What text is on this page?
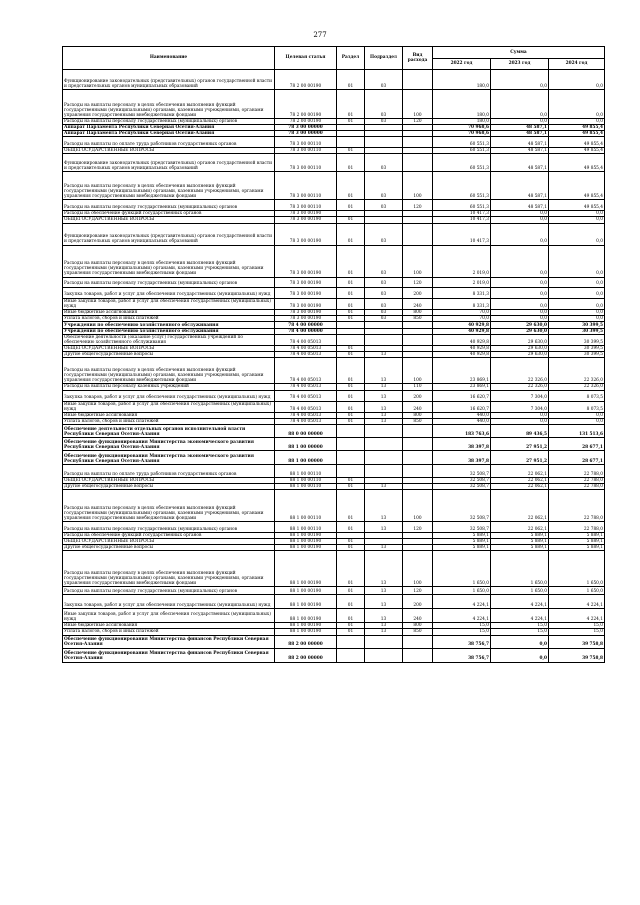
277
Наименование	Целевая статья	Раздел	Подраздел	Вид расхода	Сумма		
					2022 год	2023 год	2024 год
Функционирование законодательных (представительных) органов государственной власти и представительных органов муниципальных образований	78 2 00 00190	01	03		180,0	0,0	0,0
Расходы на выплаты персоналу в целях обеспечения выполнения функций государственными (муниципальными) органами, казенными учреждениями, органами управления государственными внебюджетными фондами	78 2 00 00190	01	03	100	180,0	0,0	0,0
Расходы на выплаты персоналу государственных (муниципальных) органов	78 2 00 00190	01	03	120	180,0	0,0	0,0
Аппарат Парламента Республики Северная Осетия-Алания	78 3 00 00000				70 968,6	48 587,1	49 855,4
Аппарат Парламента Республики Северная Осетия-Алания	78 3 00 00000				70 968,6	48 587,1	49 855,4
Расходы на выплаты по оплате труда работников государственных органов	78 3 00 00110				60 551,3	48 587,1	49 855,4
ОБЩЕГОСУДАРСТВЕННЫЕ ВОПРОСЫ	78 3 00 00110	01			60 551,3	48 587,1	49 855,4
Функционирование законодательных (представительных) органов государственной власти и представительных органов муниципальных образований	78 3 00 00110	01	03		60 551,3	48 587,1	49 855,4
Расходы на выплаты персоналу в целях обеспечения выполнения функций государственными (муниципальными) органами, казенными учреждениями, органами управления государственными внебюджетными фондами	78 3 00 00110	01	03	100	60 551,3	48 587,1	49 855,4
Расходы на выплаты персоналу государственных (муниципальных) органов	78 3 00 00110	01	03	120	60 551,3	48 587,1	49 855,4
Расходы на обеспечение функций государственных органов	78 3 00 00190				10 417,3	0,0	0,0
ОБЩЕГОСУДАРСТВЕННЫЕ ВОПРОСЫ	78 3 00 00190	01			10 417,3	0,0	0,0
Функционирование законодательных (представительных) органов государственной власти и представительных органов муниципальных образований	78 3 00 00190	01	03		10 417,3	0,0	0,0
Расходы на выплаты персоналу в целях обеспечения выполнения функций государственными (муниципальными) органами, казенными учреждениями, органами управления государственными внебюджетными фондами	78 3 00 00190	01	03	100	2 019,0	0,0	0,0
Расходы на выплаты персоналу государственных (муниципальных) органов	78 3 00 00190	01	03	120	2 019,0	0,0	0,0
Закупка товаров, работ и услуг для обеспечения государственных (муниципальных) нужд	78 3 00 00190	01	03	200	8 331,3	0,0	0,0
Иные закупки товаров, работ и услуг для обеспечения государственных (муниципальных) нужд	78 3 00 00190	01	03	240	8 331,3	0,0	0,0
Иные бюджетные ассигнования	78 3 00 00190	01	03	800	70,0	0,0	0,0
Уплата налогов, сборов и иных платежей	78 3 00 00190	01	03	850	70,0	0,0	0,0
Учреждения по обеспечению хозяйственного обслуживания	78 4 00 00000				40 929,8	29 630,0	30 399,5
Учреждения по обеспечению хозяйственного обслуживания	78 4 00 00000				40 929,8	29 630,0	30 399,5
Обеспечение деятельности (оказание услуг) государственных учреждений по обеспечению хозяйственного обслуживания	78 4 00 05013				40 929,8	29 630,0	30 399,5
ОБЩЕГОСУДАРСТВЕННЫЕ ВОПРОСЫ	78 4 00 05013	01			40 929,8	29 630,0	30 399,5
Другие общегосударственные вопросы	78 4 00 05013	01	13		40 929,8	29 630,0	30 399,5
Расходы на выплаты персоналу в целях обеспечения выполнения функций государственными (муниципальными) органами, казенными учреждениями, органами управления государственными внебюджетными фондами	78 4 00 05013	01	13	100	23 869,1	22 326,0	22 326,0
Расходы на выплаты персоналу казенных учреждений	78 4 00 05013	01	13	110	23 869,1	22 326,0	22 326,0
Закупка товаров, работ и услуг для обеспечения государственных (муниципальных) нужд	78 4 00 05013	01	13	200	16 620,7	7 304,0	8 073,5
Иные закупки товаров, работ и услуг для обеспечения государственных (муниципальных) нужд	78 4 00 05013	01	13	240	16 620,7	7 304,0	8 073,5
Иные бюджетные ассигнования	78 4 00 05013	01	13	800	440,0	0,0	0,0
Уплата налогов, сборов и иных платежей	78 4 00 05013	01	13	850	440,0	0,0	0,0
Обеспечение деятельности отдельных органов исполнительной власти Республики Северная Осетия-Алания	88 0 00 00000				183 763,6	89 436,5	131 513,6
Обеспечение функционирования Министерства экономического развития Республики Северная Осетия-Алания	88 1 00 00000				38 397,8	27 951,2	28 677,1
Обеспечение функционирования Министерства экономического развития Республики Северная Осетия-Алания	88 1 00 00000				38 397,8	27 951,2	28 677,1
Расходы на выплаты по оплате труда работников государственных органов	88 1 00 00110				32 508,7	22 062,1	22 788,0
ОБЩЕГОСУДАРСТВЕННЫЕ ВОПРОСЫ	88 1 00 00110	01			32 508,7	22 062,1	22 788,0
Другие общегосударственные вопросы	88 1 00 00110	01	13		32 508,7	22 062,1	22 788,0
Расходы на выплаты персоналу в целях обеспечения выполнения функций государственными (муниципальными) органами, казенными учреждениями, органами управления государственными внебюджетными фондами	88 1 00 00110	01	13	100	32 508,7	22 062,1	22 788,0
Расходы на выплаты персоналу государственных (муниципальных) органов	88 1 00 00110	01	13	120	32 508,7	22 062,1	22 788,0
Расходы на обеспечение функций государственных органов	88 1 00 00190				5 889,1	5 889,1	5 889,1
ОБЩЕГОСУДАРСТВЕННЫЕ ВОПРОСЫ	88 1 00 00190	01			5 889,1	5 889,1	5 889,1
Другие общегосударственные вопросы	88 1 00 00190	01	13		5 889,1	5 889,1	5 889,1
Расходы на выплаты персоналу в целях обеспечения выполнения функций государственными (муниципальными) органами, казенными учреждениями, органами управления государственными внебюджетными фондами	88 1 00 00190	01	13	100	1 650,0	1 650,0	1 650,0
Расходы на выплаты персоналу государственных (муниципальных) органов	88 1 00 00190	01	13	120	1 650,0	1 650,0	1 650,0
Закупка товаров, работ и услуг для обеспечения государственных (муниципальных) нужд	88 1 00 00190	01	13	200	4 224,1	4 224,1	4 224,1
Иные закупки товаров, работ и услуг для обеспечения государственных (муниципальных) нужд	88 1 00 00190	01	13	240	4 224,1	4 224,1	4 224,1
Иные бюджетные ассигнования	88 1 00 00190	01	13	800	15,0	15,0	15,0
Уплата налогов, сборов и иных платежей	88 1 00 00190	01	13	850	15,0	15,0	15,0
Обеспечение функционирования Министерства финансов Республики Северная Осетия-Алания	88 2 00 00000				38 756,7	0,0	39 758,8
Обеспечение функционирования Министерства финансов Республики Северная Осетия-Алания	88 2 00 00000				38 756,7	0,0	39 758,8
